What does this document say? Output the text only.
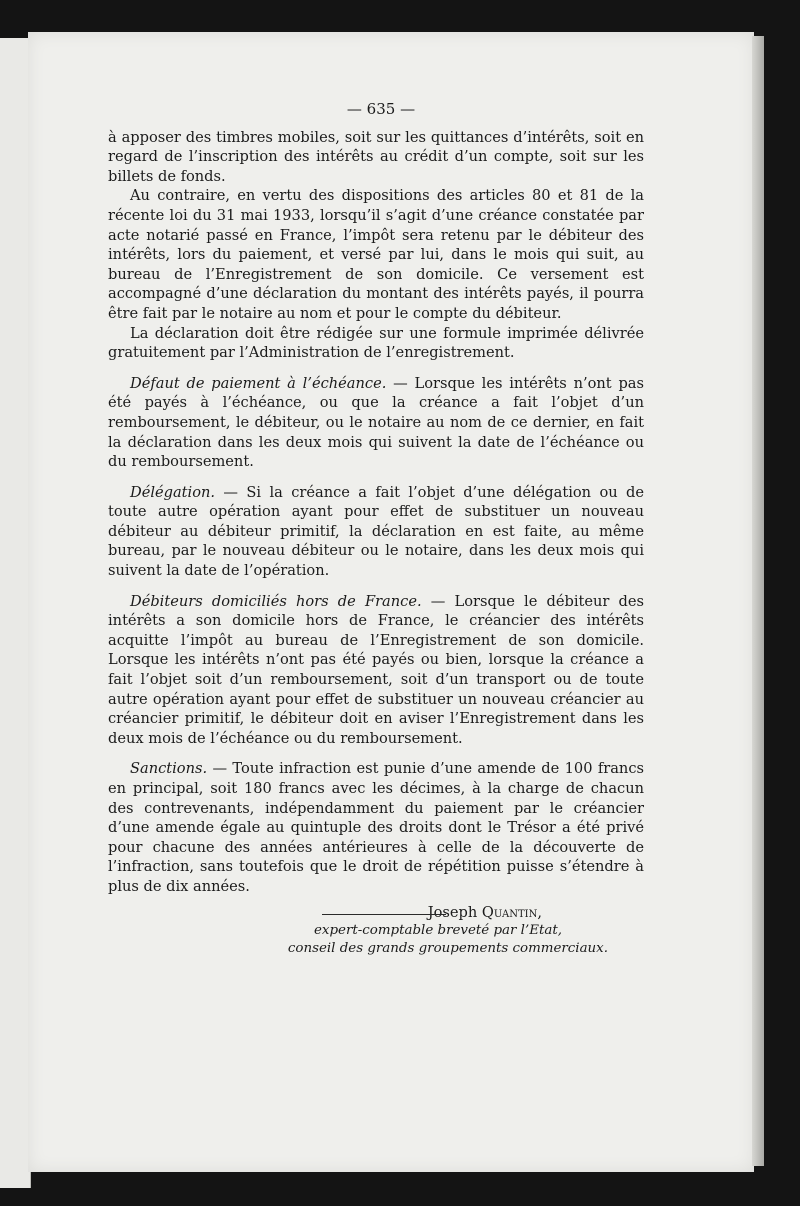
— 635 —

à apposer des timbres mobiles, soit sur les quittances d’intérêts, soit en regard de l’inscription des intérêts au crédit d’un compte, soit sur les billets de fonds.

Au contraire, en vertu des dispositions des articles 80 et 81 de la récente loi du 31 mai 1933, lorsqu’il s’agit d’une créance constatée par acte notarié passé en France, l’impôt sera retenu par le débiteur des intérêts, lors du paiement, et versé par lui, dans le mois qui suit, au bureau de l’Enregistrement de son domicile. Ce versement est accompagné d’une déclaration du montant des intérêts payés, il pourra être fait par le notaire au nom et pour le compte du débiteur.

La déclaration doit être rédigée sur une formule imprimée délivrée gratuitement par l’Administration de l’enregistrement.

Défaut de paiement à l’échéance. — Lorsque les intérêts n’ont pas été payés à l’échéance, ou que la créance a fait l’objet d’un remboursement, le débiteur, ou le notaire au nom de ce dernier, en fait la déclaration dans les deux mois qui suivent la date de l’échéance ou du remboursement.

Délégation. — Si la créance a fait l’objet d’une délégation ou de toute autre opération ayant pour effet de substituer un nouveau débiteur au débiteur primitif, la déclaration en est faite, au même bureau, par le nouveau débiteur ou le notaire, dans les deux mois qui suivent la date de l’opération.

Débiteurs domiciliés hors de France. — Lorsque le débiteur des intérêts a son domicile hors de France, le créancier des intérêts acquitte l’impôt au bureau de l’Enregistrement de son domicile. Lorsque les intérêts n’ont pas été payés ou bien, lorsque la créance a fait l’objet soit d’un remboursement, soit d’un transport ou de toute autre opération ayant pour effet de substituer un nouveau créancier au créancier primitif, le débiteur doit en aviser l’Enregistrement dans les deux mois de l’échéance ou du remboursement.

Sanctions. — Toute infraction est punie d’une amende de 100 francs en principal, soit 180 francs avec les décimes, à la charge de chacun des contrevenants, indépendamment du paiement par le créancier d’une amende égale au quintuple des droits dont le Trésor a été privé pour chacune des années antérieures à celle de la découverte de l’infraction, sans toutefois que le droit de répétition puisse s’étendre à plus de dix années.

Joseph Quantin,
expert-comptable breveté par l’Etat,
conseil des grands groupements commerciaux.
